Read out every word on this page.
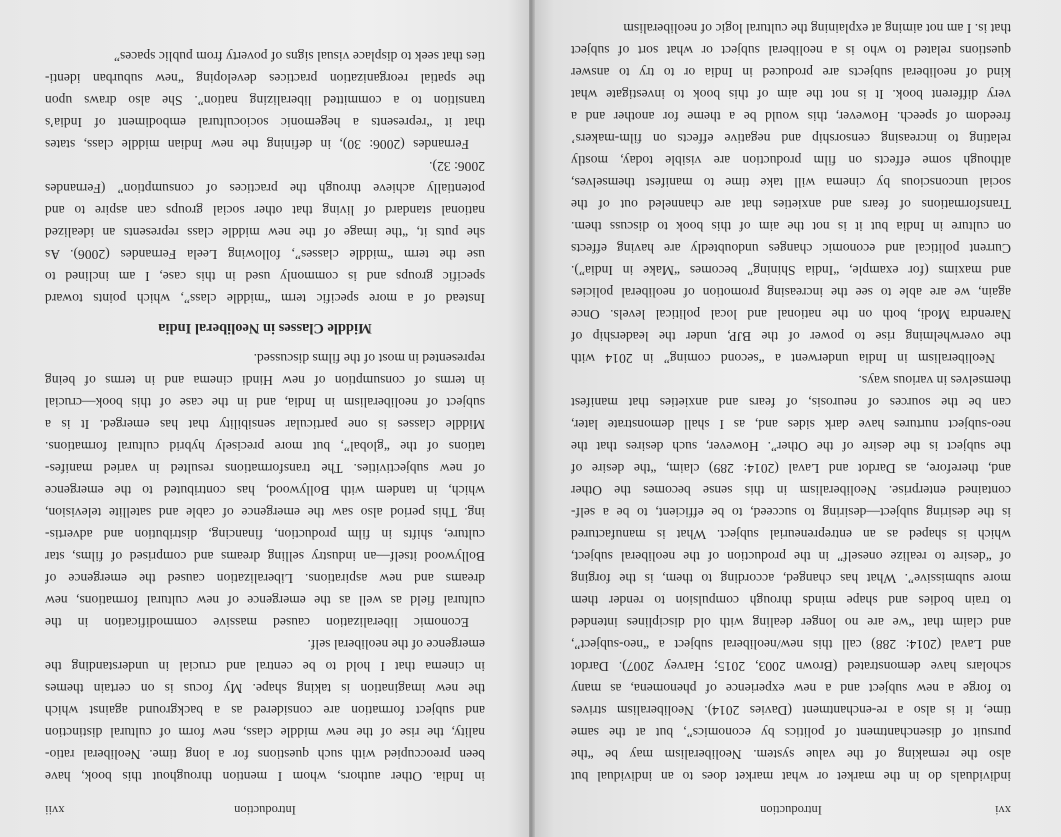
xvi
Introduction
individuals do in the market or what market does to an individual but
also the remaking of the value system. Neoliberalism may be “the
pursuit of disenchantment of politics by economics”, but at the same
time, it is also a re-enchantment (Davies 2014). Neoliberalism strives
to forge a new subject and a new experience of phenomena, as many
scholars have demonstrated (Brown 2003, 2015; Harvey 2007). Dardot
and Laval (2014: 288) call this new/neoliberal subject a “neo-subject”,
and claim that “we are no longer dealing with old disciplines intended
to train bodies and shape minds through compulsion to render them
more submissive”. What has changed, according to them, is the forging
of “desire to realize oneself” in the production of the neoliberal subject,
which is shaped as an entrepreneurial subject. What is manufactured
is the desiring subject—desiring to succeed, to be efficient, to be a self-
contained enterprise. Neoliberalism in this sense becomes the Other
and, therefore, as Dardot and Laval (2014: 289) claim, “the desire of
the subject is the desire of the Other”. However, such desires that the
neo-subject nurtures have dark sides and, as I shall demonstrate later,
can be the sources of neurosis, of fears and anxieties that manifest
themselves in various ways.
Neoliberalism in India underwent a “second coming” in 2014 with
the overwhelming rise to power of the BJP, under the leadership of
Narendra Modi, both on the national and local political levels. Once
again, we are able to see the increasing promotion of neoliberal policies
and maxims (for example, “India Shining” becomes “Make in India”).
Current political and economic changes undoubtedly are having effects
on culture in India but it is not the aim of this book to discuss them.
Transformations of fears and anxieties that are channeled out of the
social unconscious by cinema will take time to manifest themselves,
although some effects on film production are visible today, mostly
relating to increasing censorship and negative effects on film-makers’
freedom of speech. However, this would be a theme for another and a
very different book. It is not the aim of this book to investigate what
kind of neoliberal subjects are produced in India or to try to answer
questions related to who is a neoliberal subject or what sort of subject
that is. I am not aiming at explaining the cultural logic of neoliberalism
Introduction
xvii
in India. Other authors, whom I mention throughout this book, have
been preoccupied with such questions for a long time. Neoliberal ratio-
nality, the rise of the new middle class, new form of cultural distinction
and subject formation are considered as a background against which
the new imagination is taking shape. My focus is on certain themes
in cinema that I hold to be central and crucial in understanding the
emergence of the neoliberal self.
Economic liberalization caused massive commodification in the
cultural field as well as the emergence of new cultural formations, new
dreams and new aspirations. Liberalization caused the emergence of
Bollywood itself—an industry selling dreams and comprised of films, star
culture, shifts in film production, financing, distribution and advertis-
ing. This period also saw the emergence of cable and satellite television,
which, in tandem with Bollywood, has contributed to the emergence
of new subjectivities. The transformations resulted in varied manifes-
tations of the “global”, but more precisely hybrid cultural formations.
Middle classes is one particular sensibility that has emerged. It is a
subject of neoliberalism in India, and in the case of this book—crucial
in terms of consumption of new Hindi cinema and in terms of being
represented in most of the films discussed.
Middle Classes in Neoliberal India
Instead of a more specific term “middle class”, which points toward
specific groups and is commonly used in this case, I am inclined to
use the term “middle classes”, following Leela Fernandes (2006). As
she puts it, “the image of the new middle class represents an idealized
national standard of living that other social groups can aspire to and
potentially achieve through the practices of consumption” (Fernandes
2006: 32).
Fernandes (2006: 30), in defining the new Indian middle class, states
that it “represents a hegemonic sociocultural embodiment of India’s
transition to a committed liberalizing nation”. She also draws upon
the spatial reorganization practices developing “new suburban identi-
ties that seek to displace visual signs of poverty from public spaces”
